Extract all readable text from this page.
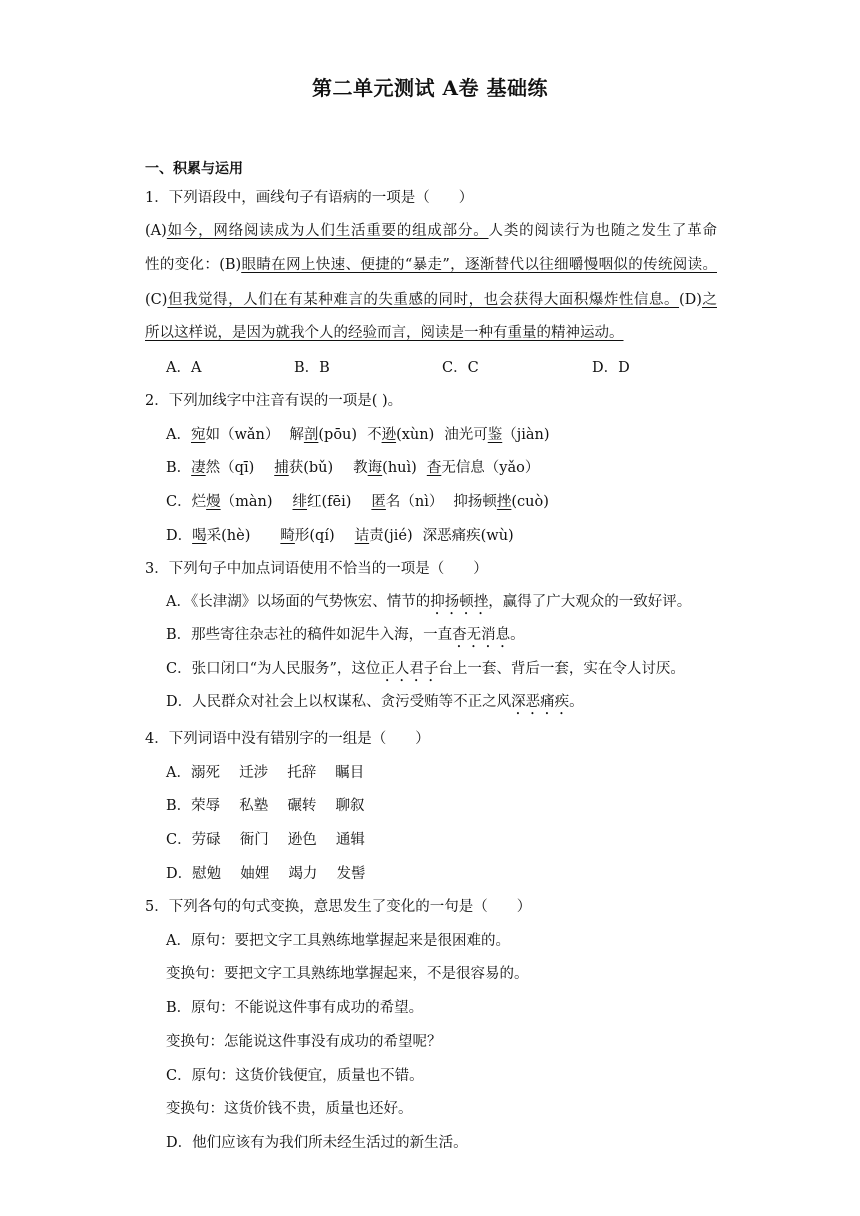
第二单元测试 A卷 基础练
一、积累与运用
1．下列语段中，画线句子有语病的一项是（　　）
(A)如今，网络阅读成为人们生活重要的组成部分。人类的阅读行为也随之发生了革命
性的变化：(B)眼睛在网上快速、便捷的“暴走”，逐渐替代以往细嚼慢咽似的传统阅读。
(C)但我觉得，人们在有某种难言的失重感的同时，也会获得大面积爆炸性信息。(D)之
所以这样说，是因为就我个人的经验而言，阅读是一种有重量的精神运动。
A．A	B．B	C．C	D．D
2．下列加线字中注音有误的一项是( )。
A．宛如（wǎn） 解剖(pōu) 不逊(xùn) 油光可鉴（jiàn)
B．凄然（qī) 捕获(bǔ) 教诲(huì) 杳无信息（yǎo）
C．烂熳（màn) 绯红(fēi) 匿名（nì） 抑扬顿挫(cuò)
D．喝采(hè) 畸形(qí) 诘责(jié) 深恶痛疾(wù)
3．下列句子中加点词语使用不恰当的一项是（　　）
A．《长津湖》以场面的气势恢宏、情节的抑扬顿挫，赢得了广大观众的一致好评。
B．那些寄往杂志社的稿件如泥牛入海，一直杳无消息。
C．张口闭口“为人民服务”，这位正人君子台上一套、背后一套，实在令人讨厌。
D．人民群众对社会上以权谋私、贪污受贿等不正之风深恶痛疾。
4．下列词语中没有错别字的一组是（　　）
A．溺死　 迁涉　 托辞　 瞩目
B．荣辱　 私塾　 碾转　 聊叙
C．劳碌　 衙门　 逊色　 通辑
D．慰勉　 妯娌　 竭力　 发髻
5．下列各句的句式变换，意思发生了变化的一句是（　　）
A．原句：要把文字工具熟练地掌握起来是很困难的。
变换句：要把文字工具熟练地掌握起来，不是很容易的。
B．原句：不能说这件事有成功的希望。
变换句：怎能说这件事没有成功的希望呢？
C．原句：这货价钱便宜，质量也不错。
变换句：这货价钱不贵，质量也还好。
D．他们应该有为我们所未经生活过的新生活。
